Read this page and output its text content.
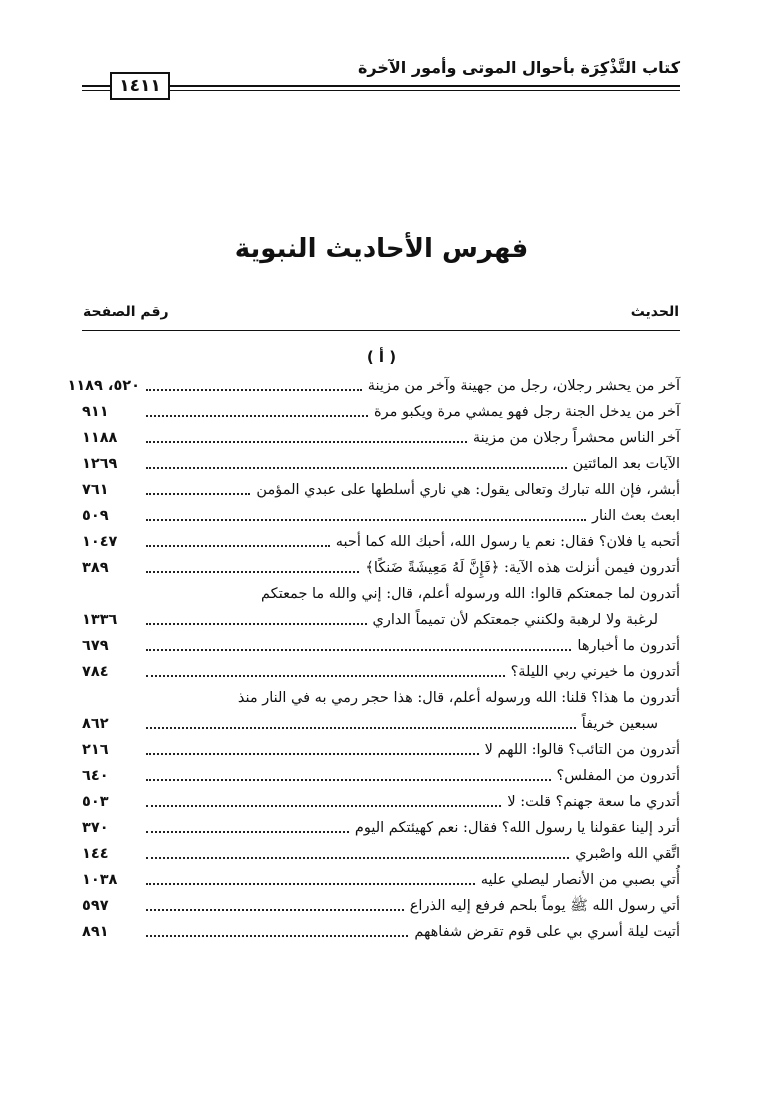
كتاب التَّذْكِرَة بأحوال الموتى وأمور الآخرة
١٤١١
فهرس الأحاديث النبوية
الحديث
رقم الصفحة
( أ )
آخر من يحشر رجلان، رجل من جهينة وآخر من مزينة
٥٢٠، ١١٨٩
آخر من يدخل الجنة رجل فهو يمشي مرة ويكبو مرة
٩١١
آخر الناس محشراً رجلان من مزينة
١١٨٨
الآيات بعد المائتين
١٢٦٩
أبشر، فإن الله تبارك وتعالى يقول: هي ناري أسلطها على عبدي المؤمن
٧٦١
ابعث بعث النار
٥٠٩
أتحبه يا فلان؟ فقال: نعم يا رسول الله، أحبك الله كما أحبه
١٠٤٧
أتدرون فيمن أنزلت هذه الآية: ﴿فَإِنَّ لَهُ مَعِيشَةً ضَنكًا﴾
٣٨٩
أتدرون لما جمعتكم قالوا: الله ورسوله أعلم، قال: إني والله ما جمعتكم
لرغبة ولا لرهبة ولكنني جمعتكم لأن تميماً الداري
١٣٣٦
أتدرون ما أخبارها
٦٧٩
أتدرون ما خيرني ربي الليلة؟
٧٨٤
أتدرون ما هذا؟ قلنا: الله ورسوله أعلم، قال: هذا حجر رمي به في النار منذ
سبعين خريفاً
٨٦٢
أتدرون من التائب؟ قالوا: اللهم لا
٢١٦
أتدرون من المفلس؟
٦٤٠
أتدري ما سعة جهنم؟ قلت: لا
٥٠٣
أترد إلينا عقولنا يا رسول الله؟ فقال: نعم كهيئتكم اليوم
٣٧٠
اتَّقي الله واصْبري
١٤٤
أُتي بصبي من الأنصار ليصلي عليه
١٠٣٨
أتي رسول الله ﷺ يوماً بلحم فرفع إليه الذراع
٥٩٧
أتيت ليلة أسري بي على قوم تقرض شفاههم
٨٩١
